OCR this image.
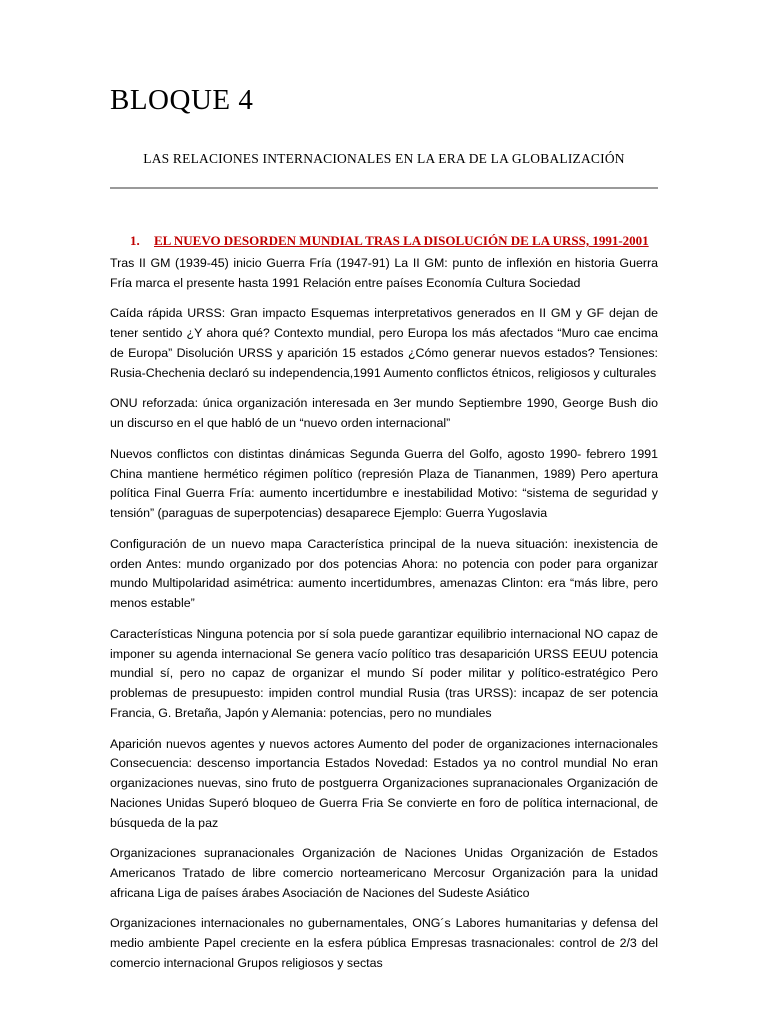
BLOQUE 4
LAS RELACIONES INTERNACIONALES EN LA ERA DE LA GLOBALIZACIÓN
1. EL NUEVO DESORDEN MUNDIAL TRAS LA DISOLUCIÓN DE LA URSS, 1991-2001

Tras II GM (1939-45) inicio Guerra Fría (1947-91) La II GM: punto de inflexión en historia Guerra Fría marca el presente hasta 1991 Relación entre países Economía Cultura Sociedad

Caída rápida URSS: Gran impacto Esquemas interpretativos generados en II GM y GF dejan de tener sentido ¿Y ahora qué? Contexto mundial, pero Europa los más afectados “Muro cae encima de Europa” Disolución URSS y aparición 15 estados ¿Cómo generar nuevos estados? Tensiones: Rusia-Chechenia declaró su independencia,1991 Aumento conflictos étnicos, religiosos y culturales

ONU reforzada: única organización interesada en 3er mundo Septiembre 1990, George Bush dio un discurso en el que habló de un “nuevo orden internacional”

Nuevos conflictos con distintas dinámicas Segunda Guerra del Golfo, agosto 1990- febrero 1991 China mantiene hermético régimen político (represión Plaza de Tiananmen, 1989) Pero apertura política Final Guerra Fría: aumento incertidumbre e inestabilidad Motivo: “sistema de seguridad y tensión” (paraguas de superpotencias) desaparece Ejemplo: Guerra Yugoslavia

Configuración de un nuevo mapa Característica principal de la nueva situación: inexistencia de orden Antes: mundo organizado por dos potencias Ahora: no potencia con poder para organizar mundo Multipolaridad asimétrica: aumento incertidumbres, amenazas Clinton: era “más libre, pero menos estable”

Características Ninguna potencia por sí sola puede garantizar equilibrio internacional NO capaz de imponer su agenda internacional Se genera vacío político tras desaparición URSS EEUU potencia mundial sí, pero no capaz de organizar el mundo Sí poder militar y político-estratégico Pero problemas de presupuesto: impiden control mundial Rusia (tras URSS): incapaz de ser potencia Francia, G. Bretaña, Japón y Alemania: potencias, pero no mundiales

Aparición nuevos agentes y nuevos actores Aumento del poder de organizaciones internacionales Consecuencia: descenso importancia Estados Novedad: Estados ya no control mundial No eran organizaciones nuevas, sino fruto de postguerra Organizaciones supranacionales Organización de Naciones Unidas Superó bloqueo de Guerra Fria Se convierte en foro de política internacional, de búsqueda de la paz

Organizaciones supranacionales Organización de Naciones Unidas Organización de Estados Americanos Tratado de libre comercio norteamericano Mercosur Organización para la unidad africana Liga de países árabes Asociación de Naciones del Sudeste Asiático

Organizaciones internacionales no gubernamentales, ONG´s Labores humanitarias y defensa del medio ambiente Papel creciente en la esfera pública Empresas trasnacionales: control de 2/3 del comercio internacional Grupos religiosos y sectas
